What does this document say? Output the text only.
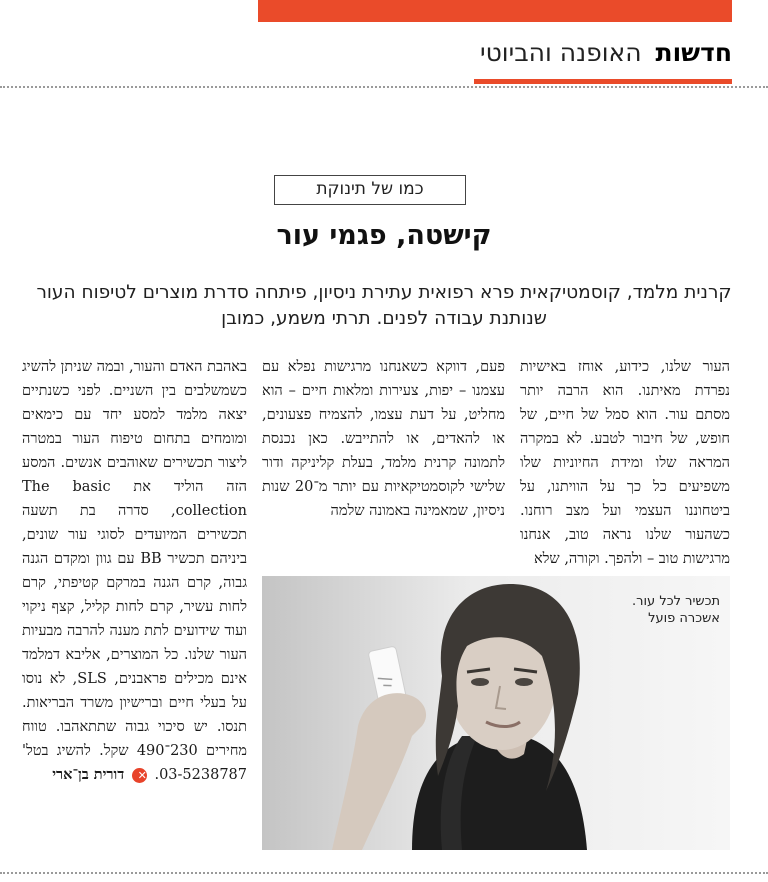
חדשות האופנה והביוטי
כמו של תינוקת
קישטה, פגמי עור
קרנית מלמד, קוסמטיקאית פרא רפואית עתירת ניסיון, פיתחה סדרת מוצרים לטיפוח העור שנותנת עבודה לפנים. תרתי משמע, כמובן
העור שלנו, כידוע, אוחז באישיות נפרדת מאיתנו. הוא הרבה יותר מסתם עור. הוא סמל של חיים, של חופש, של חיבור לטבע. לא במקרה המראה שלו ומידת החיוניות שלו משפיעים כל כך על הוויתנו, על ביטחוננו העצמי ועל מצב רוחנו. כשהעור שלנו נראה טוב, אנחנו מרגישות טוב – ולהפך. וקורה, שלא
פעם, דווקא כשאנחנו מרגישות נפלא עם עצמנו – יפות, צעירות ומלאות חיים – הוא מחליט, על דעת עצמו, להצמיח פצעונים, או להאדים, או להתייבש. כאן נכנסת לתמונה קרנית מלמד, בעלת קליניקה ודור שלישי לקוסמטיקאיות עם יותר מ־20 שנות ניסיון, שמאמינה באמונה שלמה
באהבת האדם והעור, ובמה שניתן להשיג כשמשלבים בין השניים. לפני כשנתיים יצאה מלמד למסע יחד עם כימאים ומומחים בתחום טיפוח העור במטרה ליצור תכשירים שאוהבים אנשים. המסע הזה הוליד את The basic collection, סדרה בת תשעה תכשירים המיועדים לסוגי עור שונים, ביניהם תכשיר BB עם גוון ומקדם הגנה גבוה, קרם הגנה במרקם קטיפתי, קרם לחות עשיר, קרם לחות קליל, קצף ניקוי ועוד שידועים לתת מענה להרבה מבעיות העור שלנו. כל המוצרים, אליבא דמלמד אינם מכילים פראבנים, SLS, לא נוסו על בעלי חיים וברישיון משרד הבריאות. תנסו. יש סיכוי גבוה שתתאהבו. טווח מחירים 230־490 שקל. להשיג בטל' 03-5238787. ✕ דורית בן־ארי
תכשיר לכל עור.
אשכרה פועל
